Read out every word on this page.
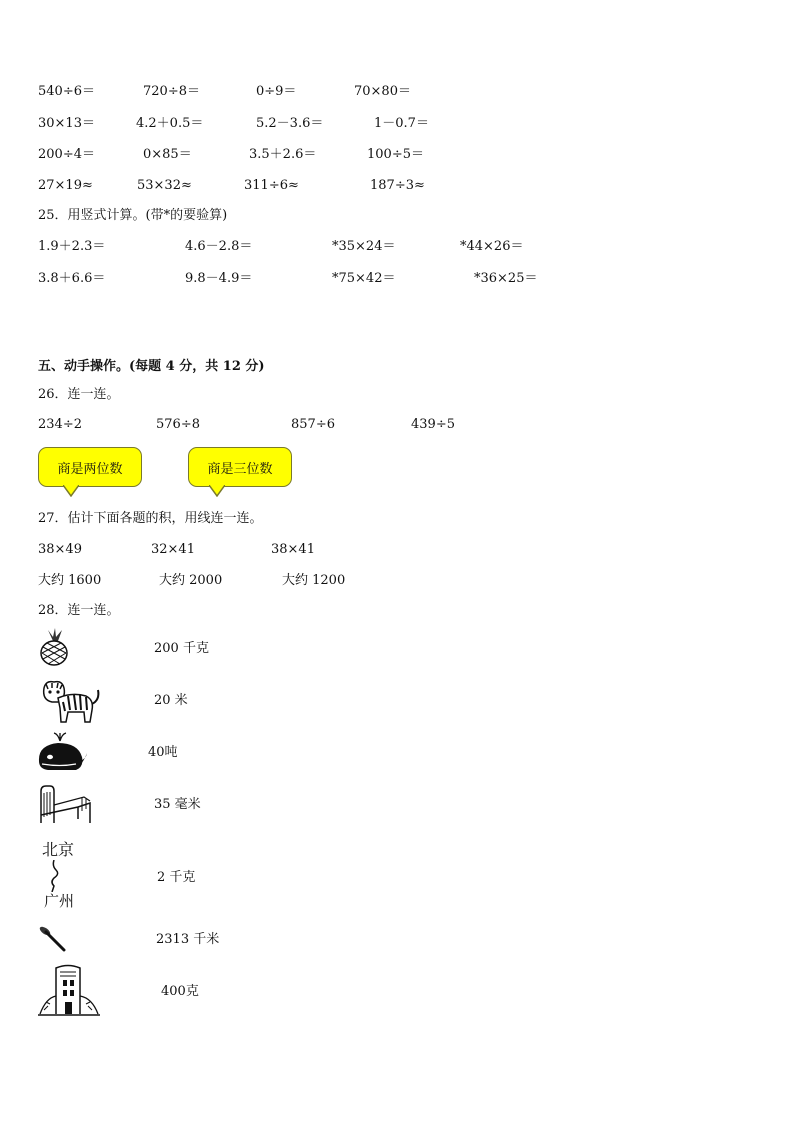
540÷6＝	720÷8＝	0÷9＝	70×80＝
30×13＝	4.2＋0.5＝	5.2－3.6＝	1－0.7＝
200÷4＝	0×85＝	3.5＋2.6＝	100÷5＝
27×19≈	53×32≈	311÷6≈	187÷3≈
25．用竖式计算。(带*的要验算)
1.9＋2.3＝	4.6－2.8＝	*35×24＝	*44×26＝
3.8＋6.6＝	9.8－4.9＝	*75×42＝	*36×25＝
五、动手操作。(每题 4 分，共 12 分)
26．连一连。
234÷2	576÷8	857÷6	439÷5
商是两位数	商是三位数
27．估计下面各题的积，用线连一连。
38×49	32×41	38×41
大约 1600	大约 2000	大约 1200
28．连一连。
200 千克
20 米
40吨
35 毫米
北京
广州
2 千克
2313 千米
400克
